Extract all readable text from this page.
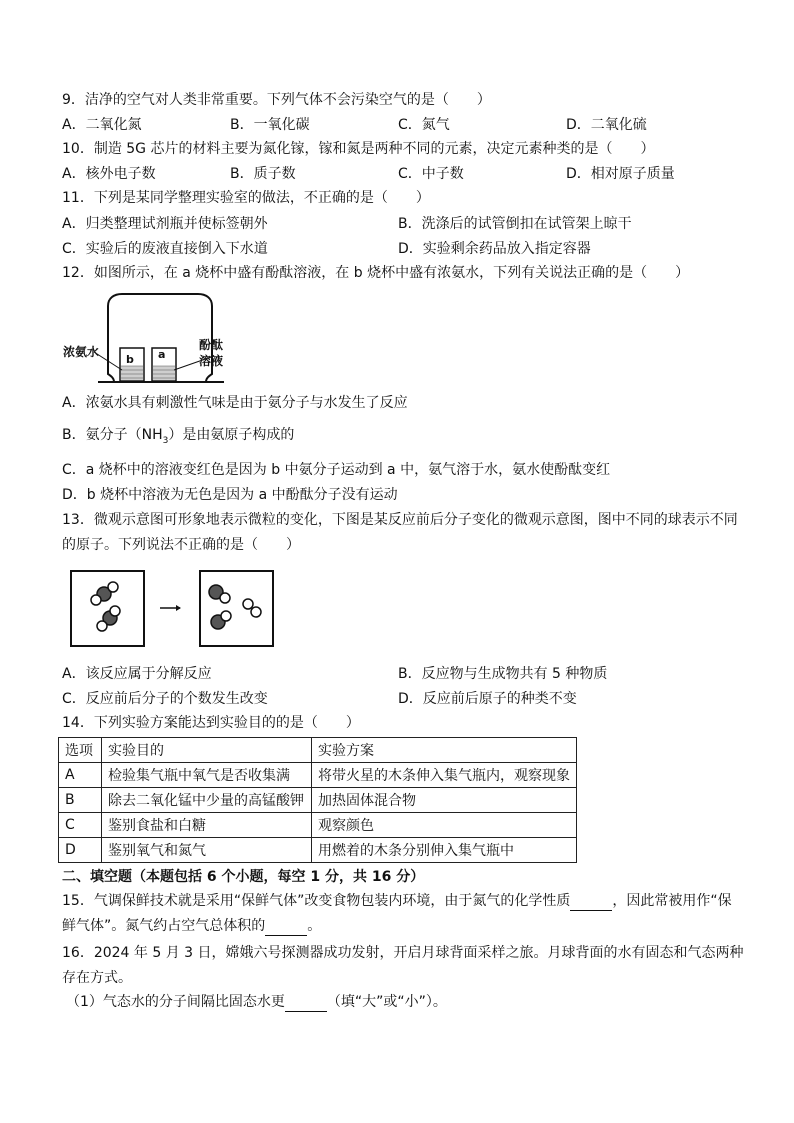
9．洁净的空气对人类非常重要。下列气体不会污染空气的是（　　）
A．二氧化氮	B．一氧化碳	C．氮气	D．二氧化硫
10．制造 5G 芯片的材料主要为氮化镓，镓和氮是两种不同的元素，决定元素种类的是（　　）
A．核外电子数	B．质子数	C．中子数	D．相对原子质量
11．下列是某同学整理实验室的做法，不正确的是（　　）
A．归类整理试剂瓶并使标签朝外	B．洗涤后的试管倒扣在试管架上晾干
C．实验后的废液直接倒入下水道	D．实验剩余药品放入指定容器
12．如图所示，在 a 烧杯中盛有酚酞溶液，在 b 烧杯中盛有浓氨水，下列有关说法正确的是（　　）
浓氨水	酚酞
溶液
b a
A．浓氨水具有刺激性气味是由于氨分子与水发生了反应
B．氨分子$(NH_3)$是由氨原子构成的
C．a 烧杯中的溶液变红色是因为 b 中氨分子运动到 a 中，氨气溶于水，氨水使酚酞变红
D．b 烧杯中溶液为无色是因为 a 中酚酞分子没有运动
13．微观示意图可形象地表示微粒的变化，下图是某反应前后分子变化的微观示意图，图中不同的球表示不同
的原子。下列说法不正确的是（　　）
A．该反应属于分解反应	B．反应物与生成物共有 5 种物质
C．反应前后分子的个数发生改变	D．反应前后原子的种类不变
14．下列实验方案能达到实验目的的是（　　）
选项	实验目的	实验方案
A	检验集气瓶中氧气是否收集满	将带火星的木条伸入集气瓶内，观察现象
B	除去二氧化锰中少量的高锰酸钾	加热固体混合物
C	鉴别食盐和白糖	观察颜色
D	鉴别氧气和氮气	用燃着的木条分别伸入集气瓶中
二、填空题（本题包括 6 个小题，每空 1 分，共 16 分）
15．气调保鲜技术就是采用“保鲜气体”改变食物包装内环境，由于氮气的化学性质	，因此常被用作“保
鲜气体”。氮气约占空气总体积的	。
16．2024 年 5 月 3 日，嫦娥六号探测器成功发射，开启月球背面采样之旅。月球背面的水有固态和气态两种
存在方式。
（1）气态水的分子间隔比固态水更	（填“大”或“小”）。
